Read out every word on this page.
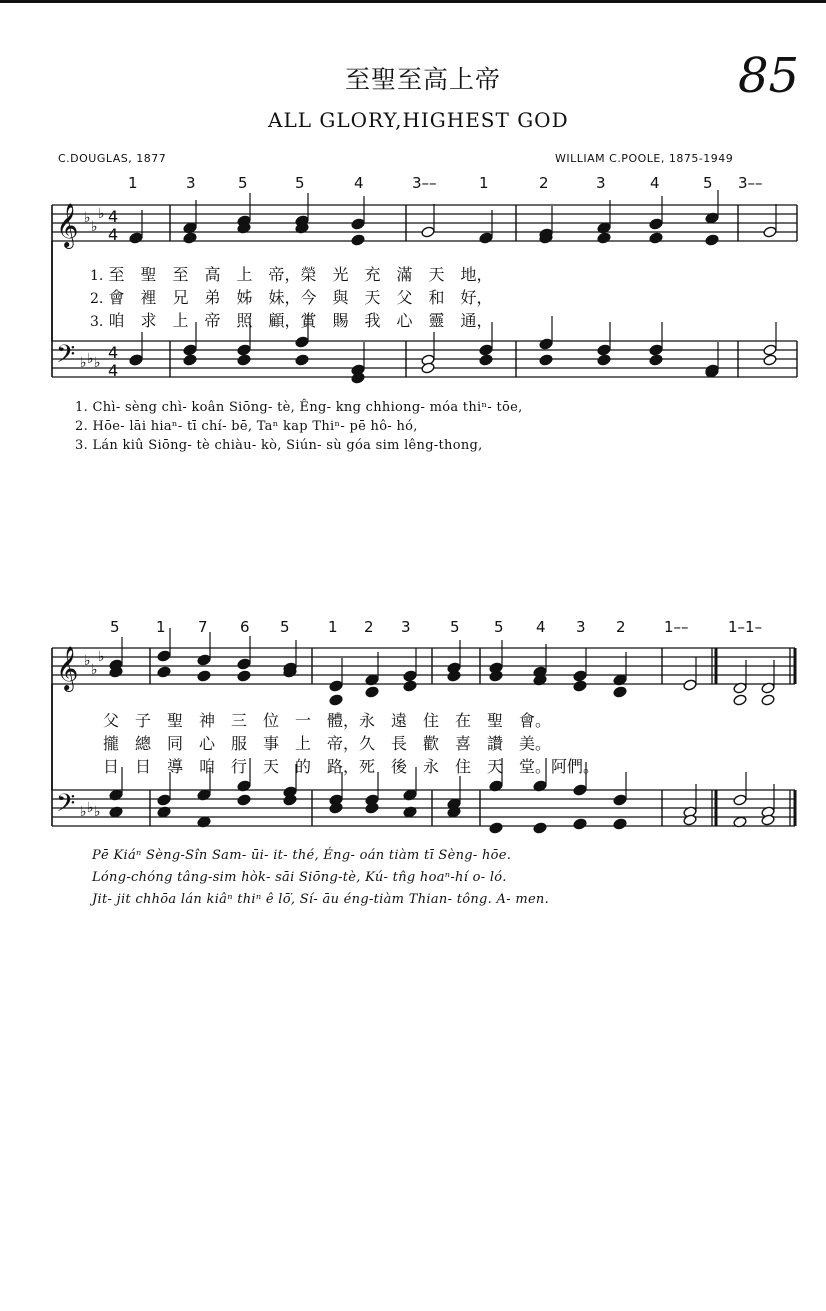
至聖至高上帝	85
ALL GLORY,HIGHEST GOD
C.DOUGLAS, 1877	WILLIAM C.POOLE, 1875-1949
1	3	5	5	4	3––	1	2	3	4	5 3––
1. 至　聖　至　高　上　帝，榮　光　充　滿　天　地，
2. 會　裡　兄　弟　姊　妹，今　與　天　父　和　好，
3. 咱　求　上　帝　照　顧，賞　賜　我　心　靈　通，
1. Chì- sèng chì- koân Siōng- tè, Êng- kng chhiong- móa thiⁿ- tōe,
2. Hōe- lāi hiaⁿ- tī chí- bē, Taⁿ kap Thiⁿ- pē hô- hó,
3. Lán kiû Siōng- tè chiàu- kò, Siún- sù góa sim lêng-thong,
5 1 7 6 5	1 2 3	5 5 4 3 2	1––	1–1–
父　子　聖　神　三　位　一　體，永　遠　住　在　聖　會。
攏　總　同　心　服　事　上　帝，久　長　歡　喜　讚　美。
日　日　導　咱　行　天　的　路，死　後　永　住　天　堂。阿們。
Pē Kiáⁿ Sèng-Sîn Sam- ūi- it- thé, Éng- oán tiàm tī Sèng- hōe.
Lóng-chóng tâng-sim hòk- sāi Siōng-tè, Kú- tn̂g hoaⁿ-hí o- ló.
Jit- jit chhōa lán kiâⁿ thiⁿ ê lō͘, Sí- āu éng-tiàm Thian- tông. A- men.
𝄞
𝄢
♭
♭
♭
♭
♭
♭
4
4
4
4
𝄞
𝄢
♭
♭
♭
♭
♭
♭
